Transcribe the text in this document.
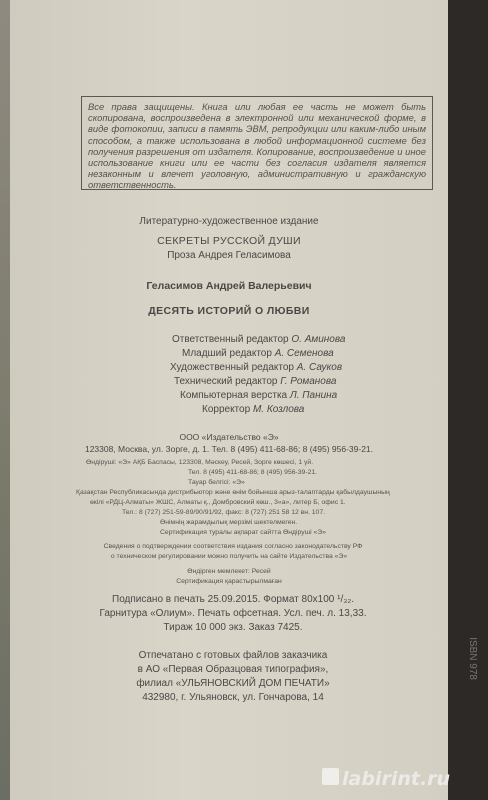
Все права защищены. Книга или любая ее часть не может быть скопирована, воспроизведена в электронной или механической форме, в виде фотокопии, записи в память ЭВМ, репродукции или каким-либо иным способом, а также использована в любой информационной системе без получения разрешения от издателя. Копирование, воспроизведение и иное использование книги или ее части без согласия издателя является незаконным и влечет уголовную, административную и гражданскую ответственность.
Литературно-художественное издание
СЕКРЕТЫ РУССКОЙ ДУШИ
Проза Андрея Геласимова
Геласимов Андрей Валерьевич
ДЕСЯТЬ ИСТОРИЙ О ЛЮБВИ
Ответственный редактор О. Аминова
Младший редактор А. Семенова
Художественный редактор А. Сауков
Технический редактор Г. Романова
Компьютерная верстка Л. Панина
Корректор М. Козлова
ООО «Издательство «Э»
123308, Москва, ул. Зорге, д. 1. Тел. 8 (495) 411-68-86; 8 (495) 956-39-21.
Өндіруші: «Э» АҚБ Баспасы, 123308, Мәскеу, Ресей, Зорге көшесі, 1 үй.
Тел. 8 (495) 411-68-86; 8 (495) 956-39-21.
Тауар белгісі: «Э»
Қазақстан Республикасында дистрибьютор және өнім бойынша арыз-талаптарды қабылдаушының
өкілі «РДЦ-Алматы» ЖШС, Алматы қ., Домбровский көш., 3«а», литер Б, офис 1.
Тел.: 8 (727) 251-59-89/90/91/92, факс: 8 (727) 251 58 12 вн. 107.
Өнімнің жарамдылық мерзімі шектелмеген.
Сертификация туралы ақпарат сайтта Өндіруші «Э»
Сведения о подтверждении соответствия издания согласно законодательству РФ
о техническом регулировании можно получить на сайте Издательства «Э»
Өндірген мемлекет: Ресей
Сертификация қарастырылмаған
Подписано в печать 25.09.2015. Формат 80x100 ¹/₃₂.
Гарнитура «Олиум». Печать офсетная. Усл. печ. л. 13,33.
Тираж 10 000 экз. Заказ 7425.
Отпечатано с готовых файлов заказчика
в АО «Первая Образцовая типография»,
филиал «УЛЬЯНОВСКИЙ ДОМ ПЕЧАТИ»
432980, г. Ульяновск, ул. Гончарова, 14
ISBN 978
labirint.ru
